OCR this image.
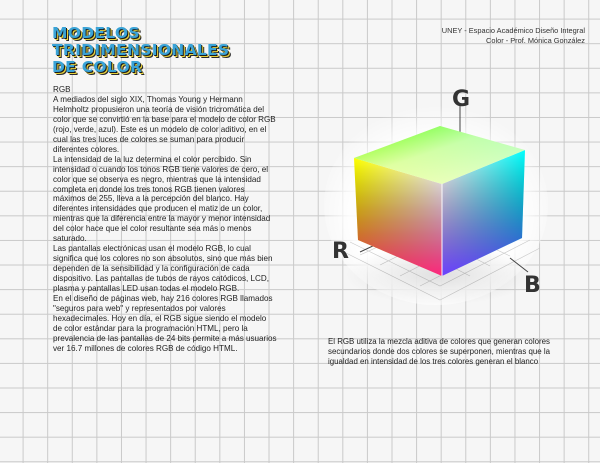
MODELOS TRIDIMENSIONALES
DE COLOR
UNEY - Espacio Académico Diseño Integral
Color - Prof. Mónica González

RGB

A mediados del siglo XIX, Thomas Young y Hermann Helmholtz propusieron una teoría de visión tricromática del color que se convirtió en la base para el modelo de color RGB (rojo, verde, azul). Este es un modelo de color aditivo, en el cual las tres luces de colores se suman para producir diferentes colores.

La intensidad de la luz determina el color percibido. Sin intensidad o cuando los tonos RGB tiene valores de cero, el color que se observa es negro, mientras que la intensidad completa en donde los tres tonos RGB tienen valores máximos de 255, lleva a la percepción del blanco. Hay diferentes intensidades que producen el matiz de un color, mientras que la diferencia entre la mayor y menor intensidad del color hace que el color resultante sea más o menos saturado.

Las pantallas electrónicas usan el modelo RGB, lo cual significa que los colores no son absolutos, sino que más bien dependen de la sensibilidad y la configuración de cada dispositivo. Las pantallas de tubos de rayos catódicos, LCD, plasma y pantallas LED usan todas el modelo RGB.

En el diseño de páginas web, hay 216 colores RGB llamados "seguros para web" y representados por valores hexadecimales. Hoy en día, el RGB sigue siendo el modelo de color estándar para la programación HTML, pero la prevalencia de las pantallas de 24 bits permite a más usuarios ver 16.7 millones de colores RGB de código HTML.

G
R
B
El RGB utiliza la mezcla aditiva de colores que generan colores secundarios donde dos colores se superponen, mientras que la igualdad en intensidad de los tres colores generan el blanco
